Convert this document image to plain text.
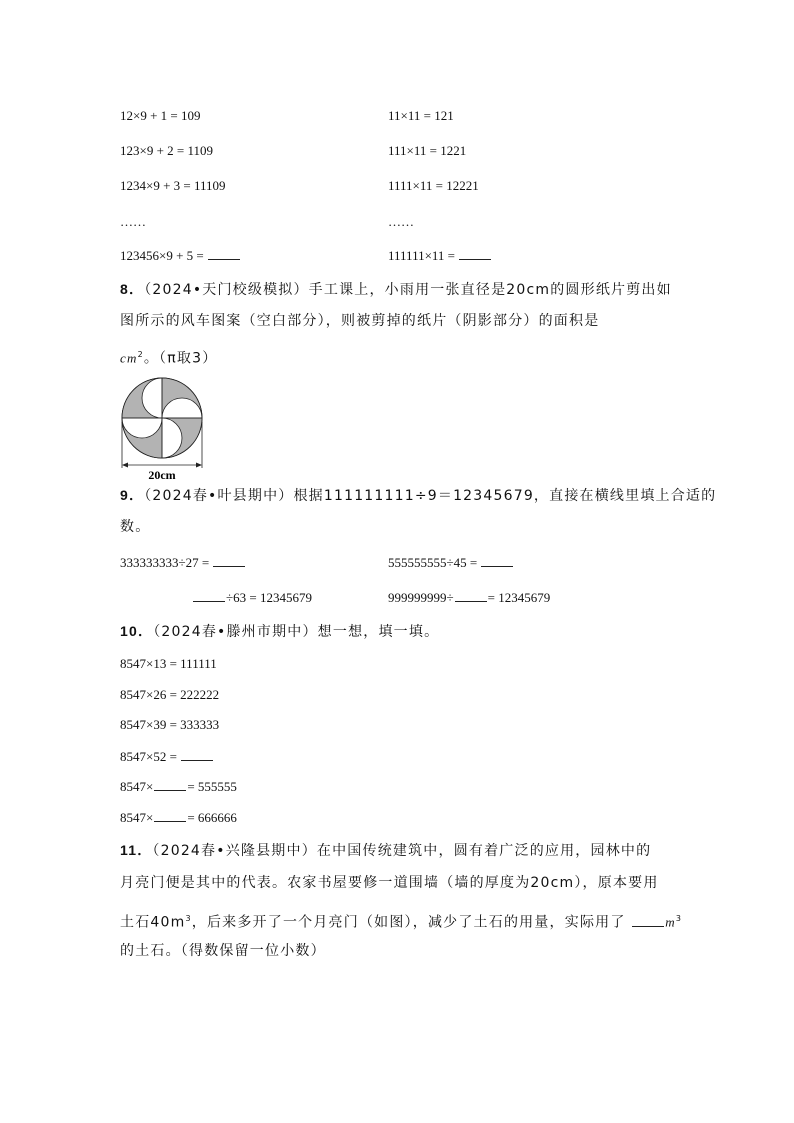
12×9 + 1 = 109	11×11 = 121
123×9 + 2 = 1109	111×11 = 1221
1234×9 + 3 = 11109	1111×11 = 12221
……	……
123456×9 + 5 =	111111×11 =
8．（2024•天门校级模拟）手工课上，小雨用一张直径是20cm的圆形纸片剪出如
图所示的风车图案（空白部分），则被剪掉的纸片（阴影部分）的面积是
$cm^2$。（π取3）
20cm
9．（2024春•叶县期中）根据111111111÷9＝12345679，直接在横线里填上合适的
数。
333333333÷27 =	555555555÷45 =
÷63 = 12345679	999999999÷	= 12345679
10．（2024春•滕州市期中）想一想，填一填。
8547×13 = 111111
8547×26 = 222222
8547×39 = 333333
8547×52 =
8547×	= 555555
8547×	= 666666
11．（2024春•兴隆县期中）在中国传统建筑中，圆有着广泛的应用，园林中的
月亮门便是其中的代表。农家书屋要修一道围墙（墙的厚度为20cm），原本要用
土石$40m^3$，后来多开了一个月亮门（如图），减少了土石的用量，实际用了	$m^3$
的土石。（得数保留一位小数）
